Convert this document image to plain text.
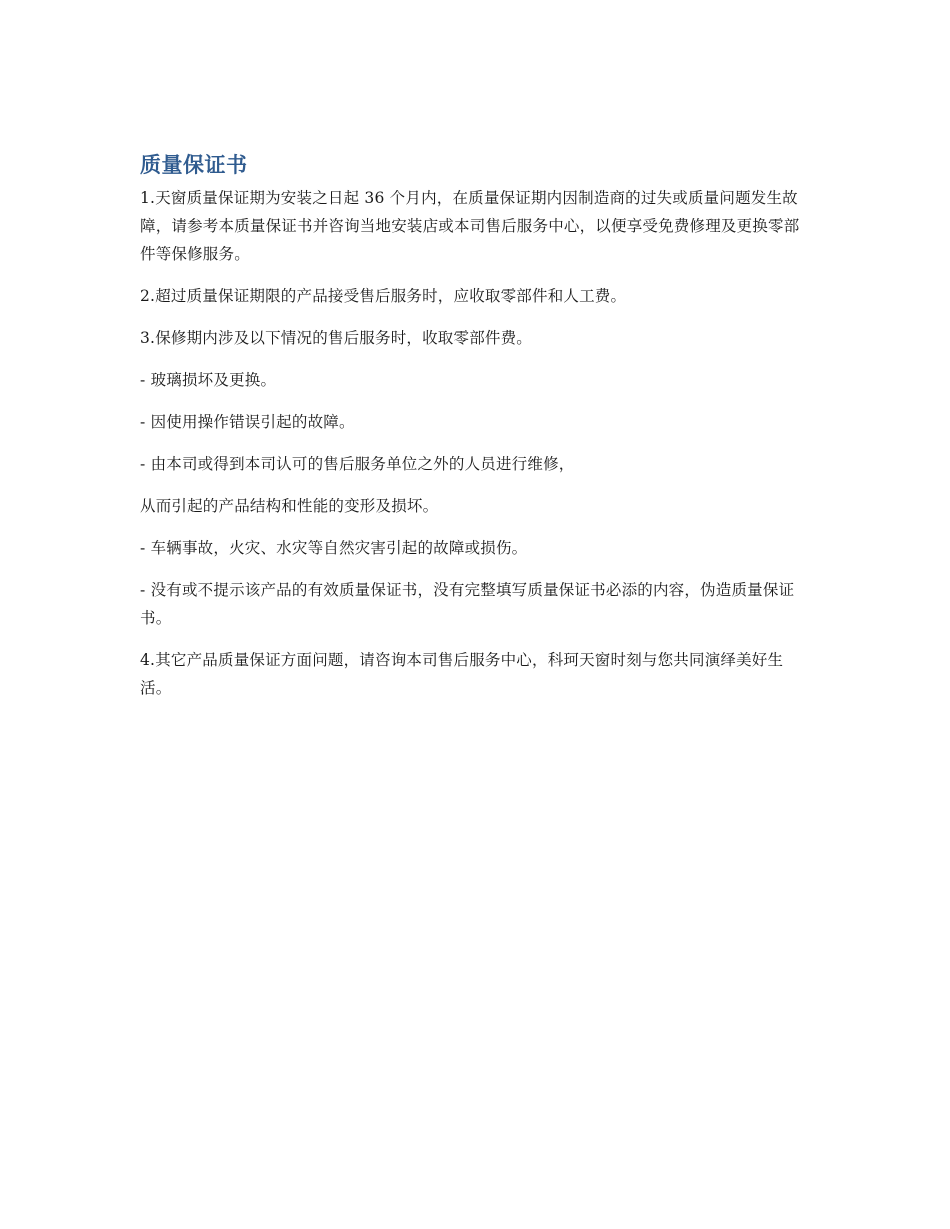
质量保证书

1.天窗质量保证期为安装之日起 36 个月内，在质量保证期内因制造商的过失或质量问题发生故障，请参考本质量保证书并咨询当地安装店或本司售后服务中心，以便享受免费修理及更换零部件等保修服务。

2.超过质量保证期限的产品接受售后服务时，应收取零部件和人工费。

3.保修期内涉及以下情况的售后服务时，收取零部件费。

- 玻璃损坏及更换。

- 因使用操作错误引起的故障。

- 由本司或得到本司认可的售后服务单位之外的人员进行维修，

从而引起的产品结构和性能的变形及损坏。

- 车辆事故，火灾、水灾等自然灾害引起的故障或损伤。

- 没有或不提示该产品的有效质量保证书，没有完整填写质量保证书必添的内容，伪造质量保证书。

4.其它产品质量保证方面问题，请咨询本司售后服务中心，科珂天窗时刻与您共同演绎美好生活。
